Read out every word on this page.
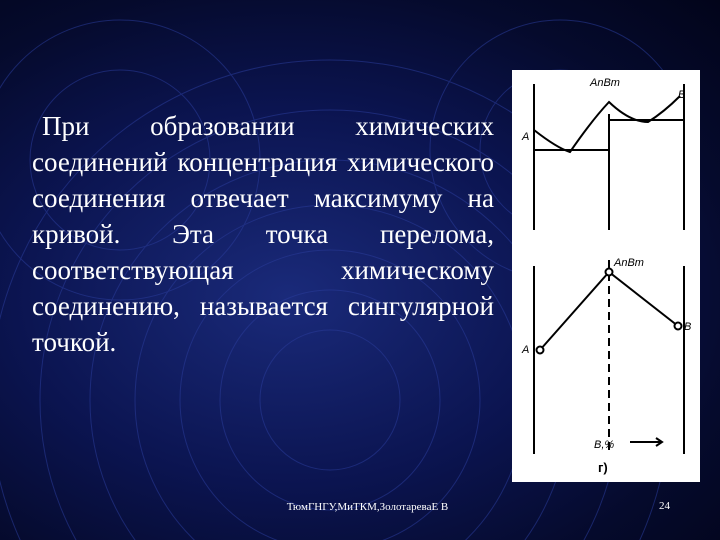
При образовании химических соединений концентрация химического соединения отвечает максимуму на кривой. Эта точка перелома, соответствующая химическому соединению, называется сингулярной точкой.
AnBm
A
B
AnBm
A
B
B,%
г)
ТюмГНГУ,МиТКМ,ЗолотареваЕ В	24
